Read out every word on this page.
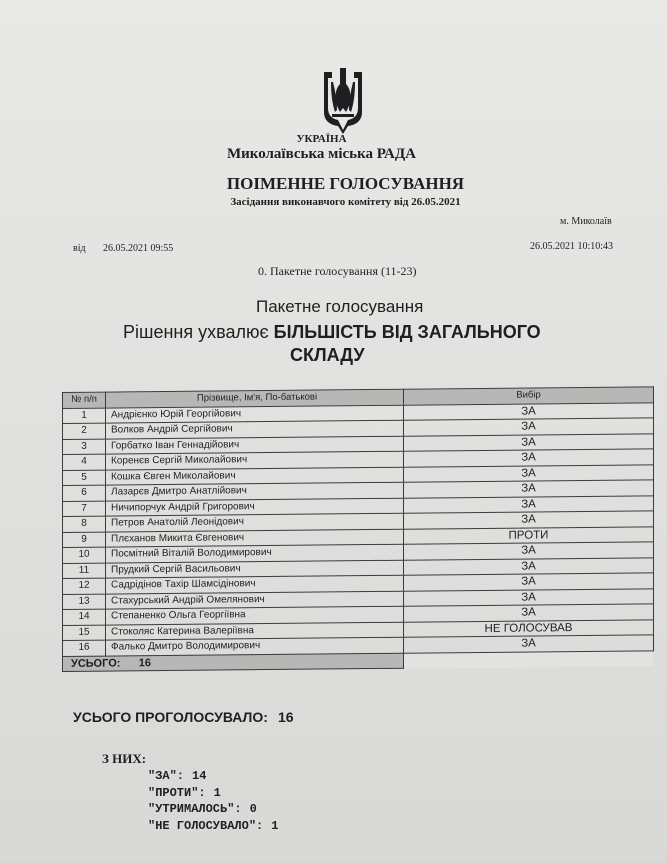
УКРАЇНА
Миколаївська міська РАДА
ПОІМЕННЕ ГОЛОСУВАННЯ
Засідання виконавчого комітету від 26.05.2021
м. Миколаїв
від 26.05.2021 09:55	26.05.2021 10:10:43
0. Пакетне голосування (11-23)
Пакетне голосування
Рішення ухвалює БІЛЬШІСТЬ ВІД ЗАГАЛЬНОГО
СКЛАДУ
№ п/п	Прізвище, Ім'я, По-батькові	Вибір
1	Андрієнко Юрій Георгійович	ЗА
2	Волков Андрій Сергійович	ЗА
3	Горбатко Іван Геннадійович	ЗА
4	Коренєв Сергій Миколайович	ЗА
5	Кошка Євген Миколайович	ЗА
6	Лазарєв Дмитро Анатлійович	ЗА
7	Ничипорчук Андрій Григорович	ЗА
8	Петров Анатолій Леонідович	ЗА
9	Плєханов Микита Євгенович	ПРОТИ
10	Посмітний Віталій Володимирович	ЗА
11	Прудкий Сергій Васильович	ЗА
12	Садрідінов Тахір Шамсідінович	ЗА
13	Стахурський Андрій Омелянович	ЗА
14	Степаненко Ольга Георгіївна	ЗА
15	Стоколяс Катерина Валеріївна	НЕ ГОЛОСУВАВ
16	Фалько Дмитро Володимирович	ЗА
УСЬОГО: 16		
УСЬОГО ПРОГОЛОСУВАЛО: 16
З НИХ:
"ЗА": 14
"ПРОТИ": 1
"УТРИМАЛОСЬ": 0
"НЕ ГОЛОСУВАЛО": 1
